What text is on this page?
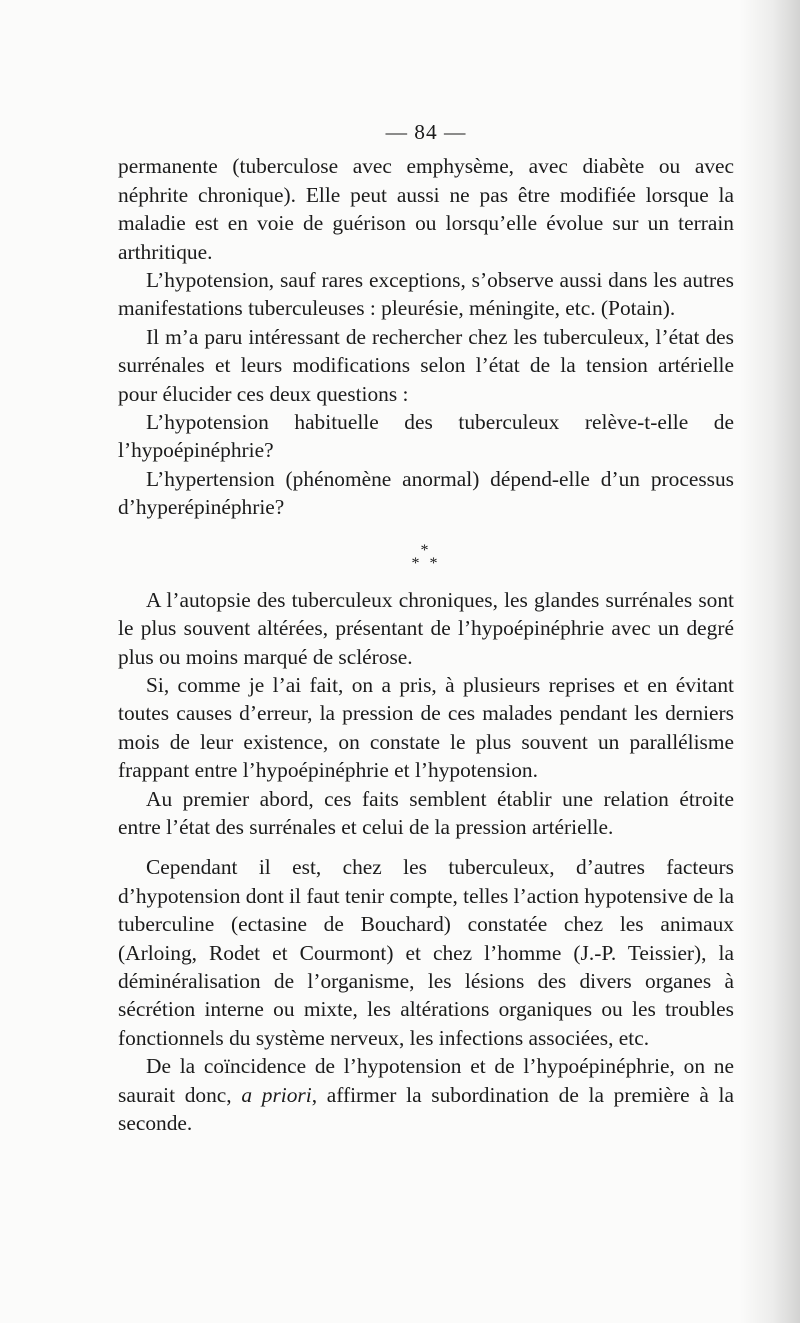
— 84 —

permanente (tuberculose avec emphysème, avec diabète ou avec néphrite chronique). Elle peut aussi ne pas être modifiée lorsque la maladie est en voie de guérison ou lorsqu’elle évolue sur un terrain arthritique.

L’hypotension, sauf rares exceptions, s’observe aussi dans les autres manifestations tuberculeuses : pleurésie, méningite, etc. (Potain).

Il m’a paru intéressant de rechercher chez les tuberculeux, l’état des surrénales et leurs modifications selon l’état de la tension artérielle pour élucider ces deux questions :

L’hypotension habituelle des tuberculeux relève-t-elle de l’hypoépinéphrie?

L’hypertension (phénomène anormal) dépend-elle d’un processus d’hyperépinéphrie?

*
* *

A l’autopsie des tuberculeux chroniques, les glandes surrénales sont le plus souvent altérées, présentant de l’hypoépinéphrie avec un degré plus ou moins marqué de sclérose.

Si, comme je l’ai fait, on a pris, à plusieurs reprises et en évitant toutes causes d’erreur, la pression de ces malades pendant les derniers mois de leur existence, on constate le plus souvent un parallélisme frappant entre l’hypoépinéphrie et l’hypotension.

Au premier abord, ces faits semblent établir une relation étroite entre l’état des surrénales et celui de la pression artérielle.

Cependant il est, chez les tuberculeux, d’autres facteurs d’hypotension dont il faut tenir compte, telles l’action hypotensive de la tuberculine (ectasine de Bouchard) constatée chez les animaux (Arloing, Rodet et Courmont) et chez l’homme (J.-P. Teissier), la déminéralisation de l’organisme, les lésions des divers organes à sécrétion interne ou mixte, les altérations organiques ou les troubles fonctionnels du système nerveux, les infections associées, etc.

De la coïncidence de l’hypotension et de l’hypoépinéphrie, on ne saurait donc, a priori, affirmer la subordination de la première à la seconde.
